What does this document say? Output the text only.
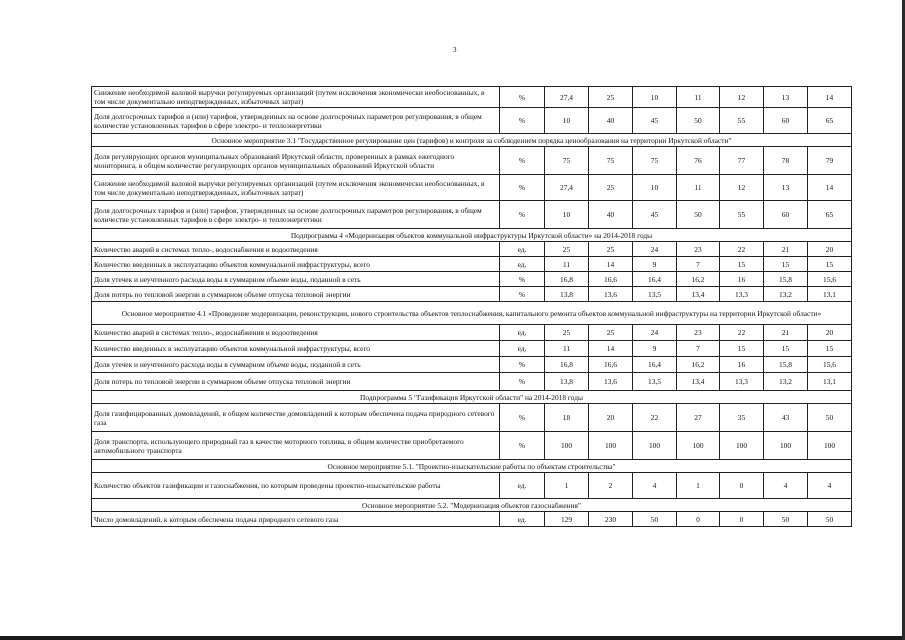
3
Снижение необходимой валовой выручки регулируемых организаций (путем исключения экономически необоснованных, в том числе документально неподтвержденных, избыточных затрат)	%	27,4	25	10	11	12	13	14
Доля долгосрочных тарифов и (или) тарифов, утвержденных на основе долгосрочных параметров регулирования, в общем количестве установленных тарифов в сфере электро- и теплоэнергетики	%	10	40	45	50	55	60	65
Основное мероприятие 3.1 "Государственное регулирование цен (тарифов) и контроля за соблюдением порядка ценообразования на территории Иркутской области"								
Доля регулирующих органов муниципальных образований Иркутской области, проверенных в рамках ежегодного мониторинга, в общем количестве регулирующих органов муниципальных образований Иркутской области	%	75	75	75	76	77	78	79
Снижение необходимой валовой выручки регулируемых организаций (путем исключения экономически необоснованных, в том числе документально неподтвержденных, избыточных затрат)	%	27,4	25	10	11	12	13	14
Доля долгосрочных тарифов и (или) тарифов, утвержденных на основе долгосрочных параметров регулирования, в общем количестве установленных тарифов в сфере электро- и теплоэнергетики	%	10	40	45	50	55	60	65
Подпрограмма 4 «Модернизация объектов коммунальной инфраструктуры Иркутской области» на 2014-2018 годы								
Количество аварий в системах тепло-, водоснабжения и водоотведения	ед.	25	25	24	23	22	21	20
Количество введенных в эксплуатацию объектов коммунальной инфраструктуры, всего	ед.	11	14	9	7	15	15	15
Доля утечек и неучтенного расхода воды в суммарном объеме воды, поданной в сеть	%	16,8	16,6	16,4	16,2	16	15,8	15,6
Доля потерь по тепловой энергии в суммарном объеме отпуска тепловой энергии	%	13,8	13,6	13,5	13,4	13,3	13,2	13,1
Основное мероприятие 4.1 «Проведение модернизации, реконструкции, нового строительства объектов теплоснабжения, капитального ремонта объектов коммунальной инфраструктуры на территории Иркутской области»								
Количество аварий в системах тепло-, водоснабжения и водоотведения	ед.	25	25	24	23	22	21	20
Количество введенных в эксплуатацию объектов коммунальной инфраструктуры, всего	ед.	11	14	9	7	15	15	15
Доля утечек и неучтенного расхода воды в суммарном объеме воды, поданной в сеть	%	16,8	16,6	16,4	16,2	16	15,8	15,6
Доля потерь по тепловой энергии в суммарном объеме отпуска тепловой энергии	%	13,8	13,6	13,5	13,4	13,3	13,2	13,1
Подпрограмма 5 "Газификация Иркутской области" на 2014-2018 годы								
Доля газифицированных домовладений, в общем количестве домовладений к которым обеспечена подача природного сетевого газа	%	18	20	22	27	35	43	50
Доля транспорта, использующего природный газ в качестве моторного топлива, в общем количестве приобретаемого автомобильного транспорта	%	100	100	100	100	100	100	100
Основное мероприятие 5.1. "Проектно-изыскательские работы по объектам строительства"								
Количество объектов газификации и газоснабжения, по которым проведены проектно-изыскательские работы	ед.	1	2	4	1	0	4	4
Основное мероприятие 5.2. "Модернизация объектов газоснабжения"								
Число домовладений, к которым обеспечена подача природного сетевого газа	ед.	129	230	50	0	0	50	50
